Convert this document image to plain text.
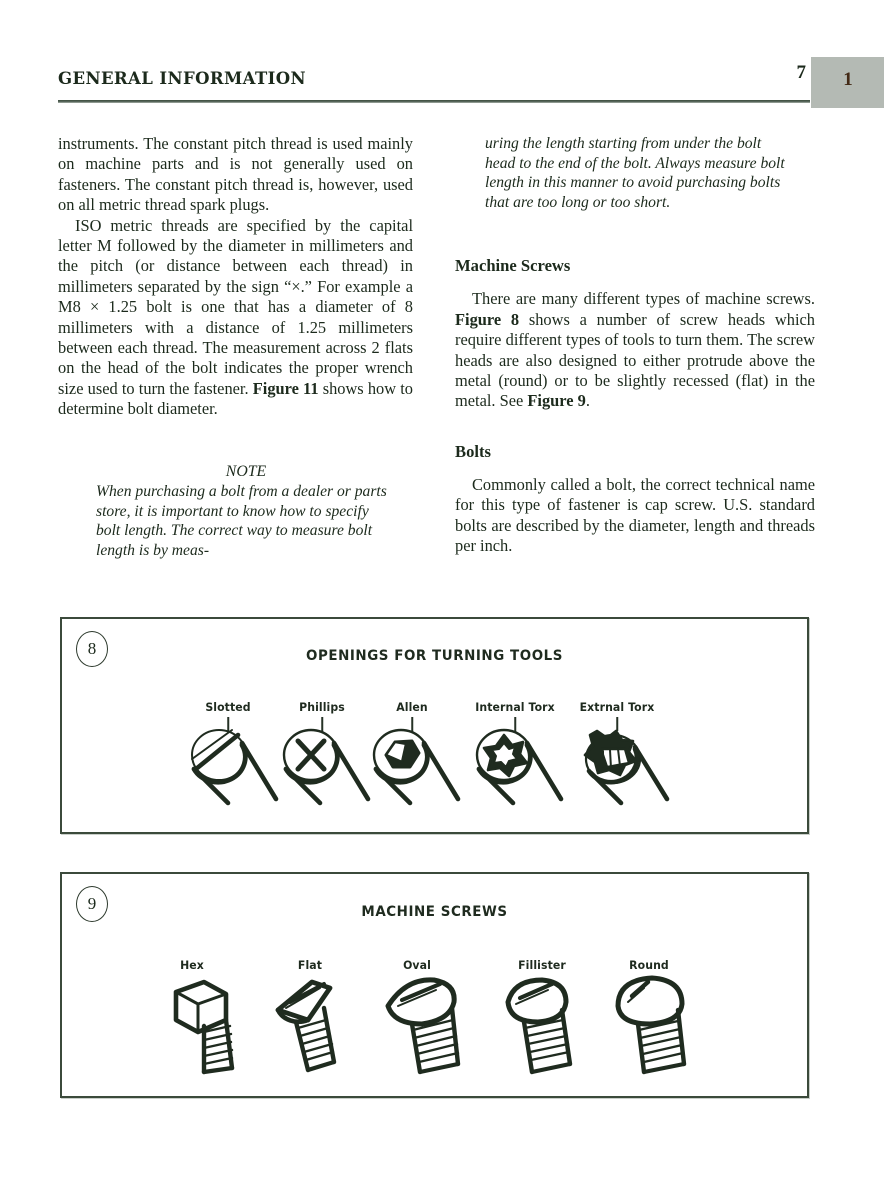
GENERAL INFORMATION	7	1

instruments. The constant pitch thread is used mainly on machine parts and is not generally used on fasteners. The constant pitch thread is, however, used on all metric thread spark plugs.

ISO metric threads are specified by the capital letter M followed by the diameter in millimeters and the pitch (or distance between each thread) in millimeters separated by the sign “×.” For example a M8 × 1.25 bolt is one that has a diameter of 8 millimeters with a distance of 1.25 millimeters between each thread. The measurement across 2 flats on the head of the bolt indicates the proper wrench size used to turn the fastener. Figure 11 shows how to determine bolt diameter.

NOTE
When purchasing a bolt from a dealer or parts store, it is important to know how to specify bolt length. The correct way to measure bolt length is by meas-
uring the length starting from under the bolt head to the end of the bolt. Always measure bolt length in this manner to avoid purchasing bolts that are too long or too short.
Machine Screws

There are many different types of machine screws. Figure 8 shows a number of screw heads which require different types of tools to turn them. The screw heads are also designed to either protrude above the metal (round) or to be slightly recessed (flat) in the metal. See Figure 9.

Bolts

Commonly called a bolt, the correct technical name for this type of fastener is cap screw. U.S. standard bolts are described by the diameter, length and threads per inch.

8	OPENINGS FOR TURNING TOOLS
Slotted	Phillips	Allen	Internal Torx Extrnal Torx
9	MACHINE SCREWS
Hex	Flat	Oval	Fillister	Round
